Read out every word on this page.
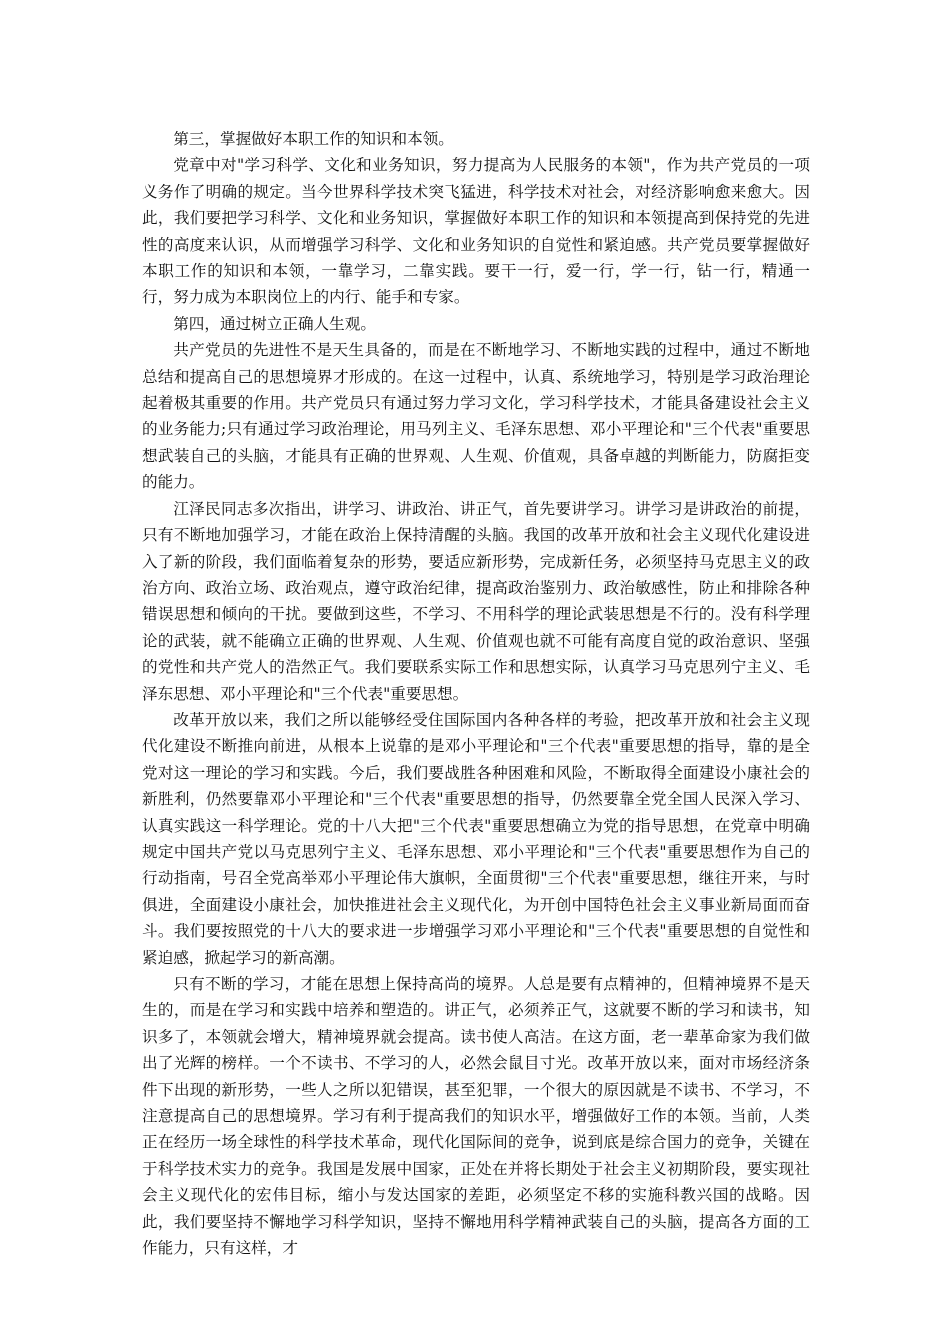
第三，掌握做好本职工作的知识和本领。

党章中对"学习科学、文化和业务知识，努力提高为人民服务的本领"，作为共产党员的一项义务作了明确的规定。当今世界科学技术突飞猛进，科学技术对社会，对经济影响愈来愈大。因此，我们要把学习科学、文化和业务知识，掌握做好本职工作的知识和本领提高到保持党的先进性的高度来认识，从而增强学习科学、文化和业务知识的自觉性和紧迫感。共产党员要掌握做好本职工作的知识和本领，一靠学习，二靠实践。要干一行，爱一行，学一行，钻一行，精通一行，努力成为本职岗位上的内行、能手和专家。

第四，通过树立正确人生观。

共产党员的先进性不是天生具备的，而是在不断地学习、不断地实践的过程中，通过不断地总结和提高自己的思想境界才形成的。在这一过程中，认真、系统地学习，特别是学习政治理论起着极其重要的作用。共产党员只有通过努力学习文化，学习科学技术，才能具备建设社会主义的业务能力;只有通过学习政治理论，用马列主义、毛泽东思想、邓小平理论和"三个代表"重要思想武装自己的头脑，才能具有正确的世界观、人生观、价值观，具备卓越的判断能力，防腐拒变的能力。

江泽民同志多次指出，讲学习、讲政治、讲正气，首先要讲学习。讲学习是讲政治的前提，只有不断地加强学习，才能在政治上保持清醒的头脑。我国的改革开放和社会主义现代化建设进入了新的阶段，我们面临着复杂的形势，要适应新形势，完成新任务，必须坚持马克思主义的政治方向、政治立场、政治观点，遵守政治纪律，提高政治鉴别力、政治敏感性，防止和排除各种错误思想和倾向的干扰。要做到这些，不学习、不用科学的理论武装思想是不行的。没有科学理论的武装，就不能确立正确的世界观、人生观、价值观也就不可能有高度自觉的政治意识、坚强的党性和共产党人的浩然正气。我们要联系实际工作和思想实际，认真学习马克思列宁主义、毛泽东思想、邓小平理论和"三个代表"重要思想。

改革开放以来，我们之所以能够经受住国际国内各种各样的考验，把改革开放和社会主义现代化建设不断推向前进，从根本上说靠的是邓小平理论和"三个代表"重要思想的指导，靠的是全党对这一理论的学习和实践。今后，我们要战胜各种困难和风险，不断取得全面建设小康社会的新胜利，仍然要靠邓小平理论和"三个代表"重要思想的指导，仍然要靠全党全国人民深入学习、认真实践这一科学理论。党的十八大把"三个代表"重要思想确立为党的指导思想，在党章中明确规定中国共产党以马克思列宁主义、毛泽东思想、邓小平理论和"三个代表"重要思想作为自己的行动指南，号召全党高举邓小平理论伟大旗帜，全面贯彻"三个代表"重要思想，继往开来，与时俱进，全面建设小康社会，加快推进社会主义现代化，为开创中国特色社会主义事业新局面而奋斗。我们要按照党的十八大的要求进一步增强学习邓小平理论和"三个代表"重要思想的自觉性和紧迫感，掀起学习的新高潮。

只有不断的学习，才能在思想上保持高尚的境界。人总是要有点精神的，但精神境界不是天生的，而是在学习和实践中培养和塑造的。讲正气，必须养正气，这就要不断的学习和读书，知识多了，本领就会增大，精神境界就会提高。读书使人高洁。在这方面，老一辈革命家为我们做出了光辉的榜样。一个不读书、不学习的人，必然会鼠目寸光。改革开放以来，面对市场经济条件下出现的新形势，一些人之所以犯错误，甚至犯罪，一个很大的原因就是不读书、不学习，不注意提高自己的思想境界。学习有利于提高我们的知识水平，增强做好工作的本领。当前，人类正在经历一场全球性的科学技术革命，现代化国际间的竞争，说到底是综合国力的竞争，关键在于科学技术实力的竞争。我国是发展中国家，正处在并将长期处于社会主义初期阶段，要实现社会主义现代化的宏伟目标，缩小与发达国家的差距，必须坚定不移的实施科教兴国的战略。因此，我们要坚持不懈地学习科学知识，坚持不懈地用科学精神武装自己的头脑，提高各方面的工作能力，只有这样，才
